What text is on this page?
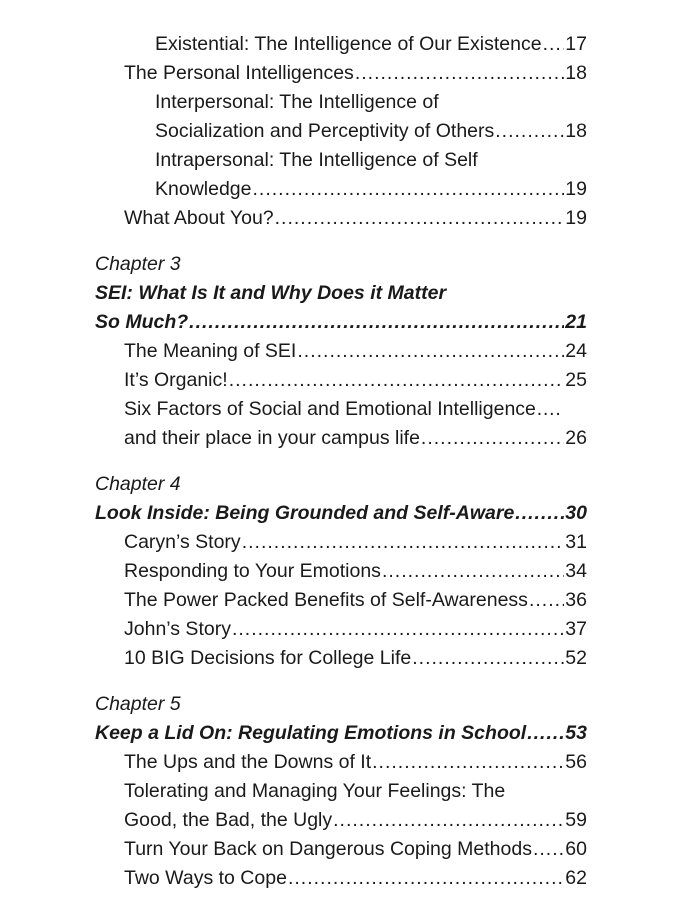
Existential: The Intelligence of Our Existence ..... 17
The Personal Intelligences .....	18
Interpersonal: The Intelligence of
Socialization and Perceptivity of Others .....	18
Intrapersonal: The Intelligence of Self
Knowledge .....	19
What About You? .....	19
Chapter 3
SEI: What Is It and Why Does it Matter
So Much? .....	21
The Meaning of SEI .....	24
It’s Organic! .....	25
Six Factors of Social and Emotional Intelligence….
and their place in your campus life .....	26
Chapter 4
Look Inside: Being Grounded and Self-Aware .....	30
Caryn’s Story .....	31
Responding to Your Emotions .....	34
The Power Packed Benefits of Self-Awareness ..... 36
John’s Story .....	37
10 BIG Decisions for College Life .....	52
Chapter 5
Keep a Lid On: Regulating Emotions in School ..... 53
The Ups and the Downs of It .....	56
Tolerating and Managing Your Feelings: The
Good, the Bad, the Ugly .....	59
Turn Your Back on Dangerous Coping Methods ..... 60
Two Ways to Cope .....	62
